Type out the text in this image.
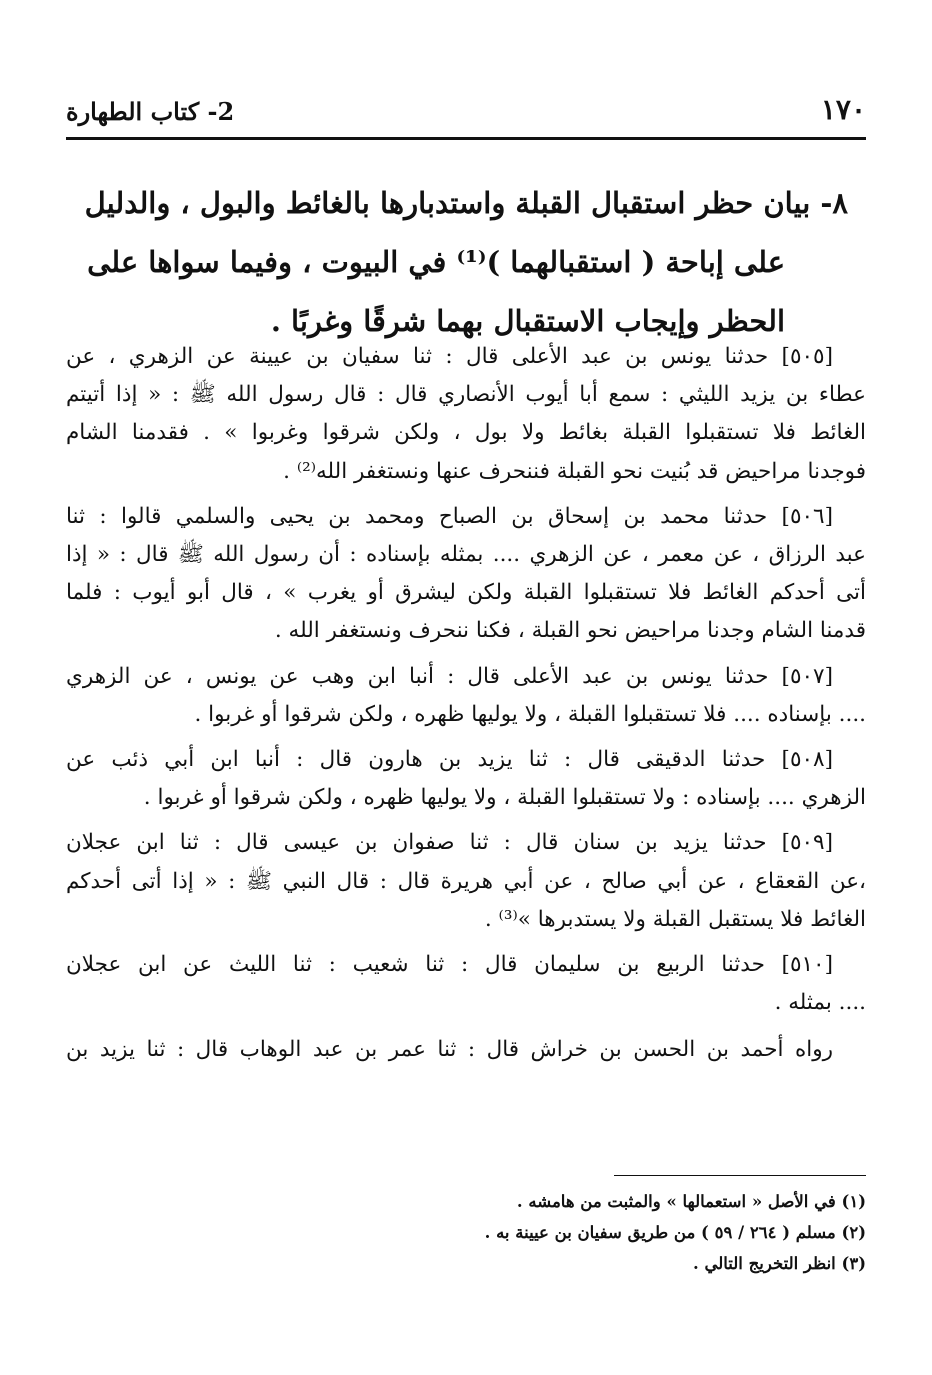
١٧٠
2- كتاب الطهارة
٨- بيان حظر استقبال القبلة واستدبارها بالغائط والبول ، والدليل
على إباحة ( استقبالهما )⁽¹⁾ في البيوت ، وفيما سواها على
الحظر وإيجاب الاستقبال بهما شرقًا وغربًا .
[٥٠٥] حدثنا يونس بن عبد الأعلى قال : ثنا سفيان بن عيينة عن الزهري ، عن
عطاء بن يزيد الليثي : سمع أبا أيوب الأنصاري قال : قال رسول الله ﷺ : « إذا أتيتم
الغائط فلا تستقبلوا القبلة بغائط ولا بول ، ولكن شرقوا وغربوا » . فقدمنا الشام
فوجدنا مراحيض قد بُنيت نحو القبلة فننحرف عنها ونستغفر الله⁽²⁾ .
[٥٠٦] حدثنا محمد بن إسحاق بن الصباح ومحمد بن يحيى والسلمي قالوا : ثنا
عبد الرزاق ، عن معمر ، عن الزهري .... بمثله بإسناده : أن رسول الله ﷺ قال : « إذا
أتى أحدكم الغائط فلا تستقبلوا القبلة ولكن ليشرق أو يغرب » ، قال أبو أيوب : فلما
قدمنا الشام وجدنا مراحيض نحو القبلة ، فكنا ننحرف ونستغفر الله .
[٥٠٧] حدثنا يونس بن عبد الأعلى قال : أنبا ابن وهب عن يونس ، عن الزهري
.... بإسناده .... فلا تستقبلوا القبلة ، ولا يوليها ظهره ، ولكن شرقوا أو غربوا .
[٥٠٨] حدثنا الدقيقى قال : ثنا يزيد بن هارون قال : أنبا ابن أبي ذئب عن
الزهري .... بإسناده : ولا تستقبلوا القبلة ، ولا يوليها ظهره ، ولكن شرقوا أو غربوا .
[٥٠٩] حدثنا يزيد بن سنان قال : ثنا صفوان بن عيسى قال : ثنا ابن عجلان
،عن القعقاع ، عن أبي صالح ، عن أبي هريرة قال : قال النبي ﷺ : « إذا أتى أحدكم
الغائط فلا يستقبل القبلة ولا يستدبرها »⁽³⁾ .
[٥١٠] حدثنا الربيع بن سليمان قال : ثنا شعيب : ثنا الليث عن ابن عجلان
.... بمثله .
رواه أحمد بن الحسن بن خراش قال : ثنا عمر بن عبد الوهاب قال : ثنا يزيد بن
(١) في الأصل « استعمالها » والمثبت من هامشه .
(٢) مسلم ( ٢٦٤ / ٥٩ ) من طريق سفيان بن عيينة به .
(٣) انظر التخريج التالي .
